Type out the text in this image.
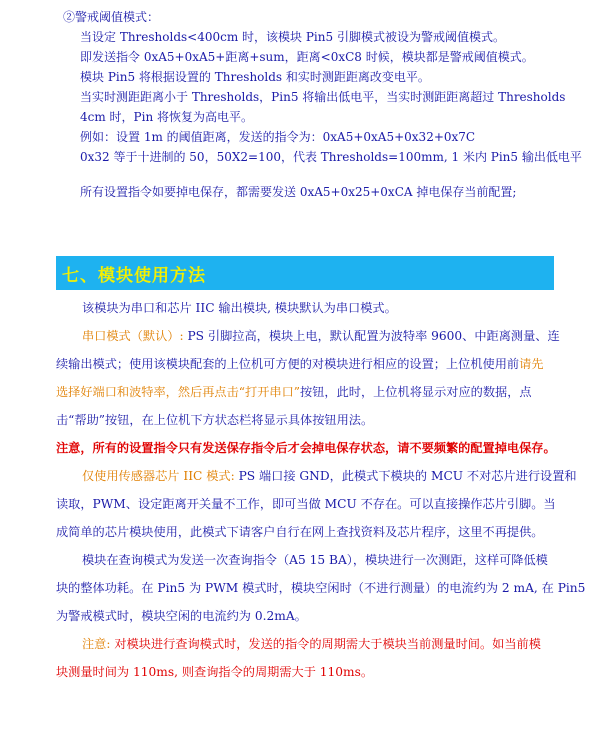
②警戒阈值模式：
当设定 Thresholds<400cm 时，该模块 Pin5 引脚模式被设为警戒阈值模式。
即发送指令 0xA5+0xA5+距离+sum，距离<0xC8 时候，模块都是警戒阈值模式。
模块 Pin5 将根据设置的 Thresholds 和实时测距距离改变电平。
当实时测距距离小于 Thresholds，Pin5 将输出低电平，当实时测距距离超过 Thresholds
4cm 时，Pin 将恢复为高电平。
例如：设置 1m 的阈值距离，发送的指令为：0xA5+0xA5+0x32+0x7C
0x32 等于十进制的 50，50X2=100，代表 Thresholds=100mm, 1 米内 Pin5 输出低电平
所有设置指令如要掉电保存，都需要发送 0xA5+0x25+0xCA 掉电保存当前配置;
七、模块使用方法
该模块为串口和芯片 IIC 输出模块, 模块默认为串口模式。
串口模式（默认）: PS 引脚拉高，模块上电，默认配置为波特率 9600、中距离测量、连
续输出模式；使用该模块配套的上位机可方便的对模块进行相应的设置；上位机使用前请先
选择好端口和波特率，然后再点击“打开串口”按钮，此时，上位机将显示对应的数据，点
击“帮助”按钮，在上位机下方状态栏将显示具体按钮用法。
注意，所有的设置指令只有发送保存指令后才会掉电保存状态，请不要频繁的配置掉电保存。
仅使用传感器芯片 IIC 模式: PS 端口接 GND，此模式下模块的 MCU 不对芯片进行设置和
读取，PWM、设定距离开关量不工作，即可当做 MCU 不存在。可以直接操作芯片引脚。当
成简单的芯片模块使用，此模式下请客户自行在网上查找资料及芯片程序，这里不再提供。
模块在查询模式为发送一次查询指令（A5 15 BA），模块进行一次测距，这样可降低模
块的整体功耗。在 Pin5 为 PWM 模式时，模块空闲时（不进行测量）的电流约为 2 mA, 在 Pin5
为警戒模式时，模块空闲的电流约为 0.2mA。
注意: 对模块进行查询模式时，发送的指令的周期需大于模块当前测量时间。如当前模
块测量时间为 110ms, 则查询指令的周期需大于 110ms。
